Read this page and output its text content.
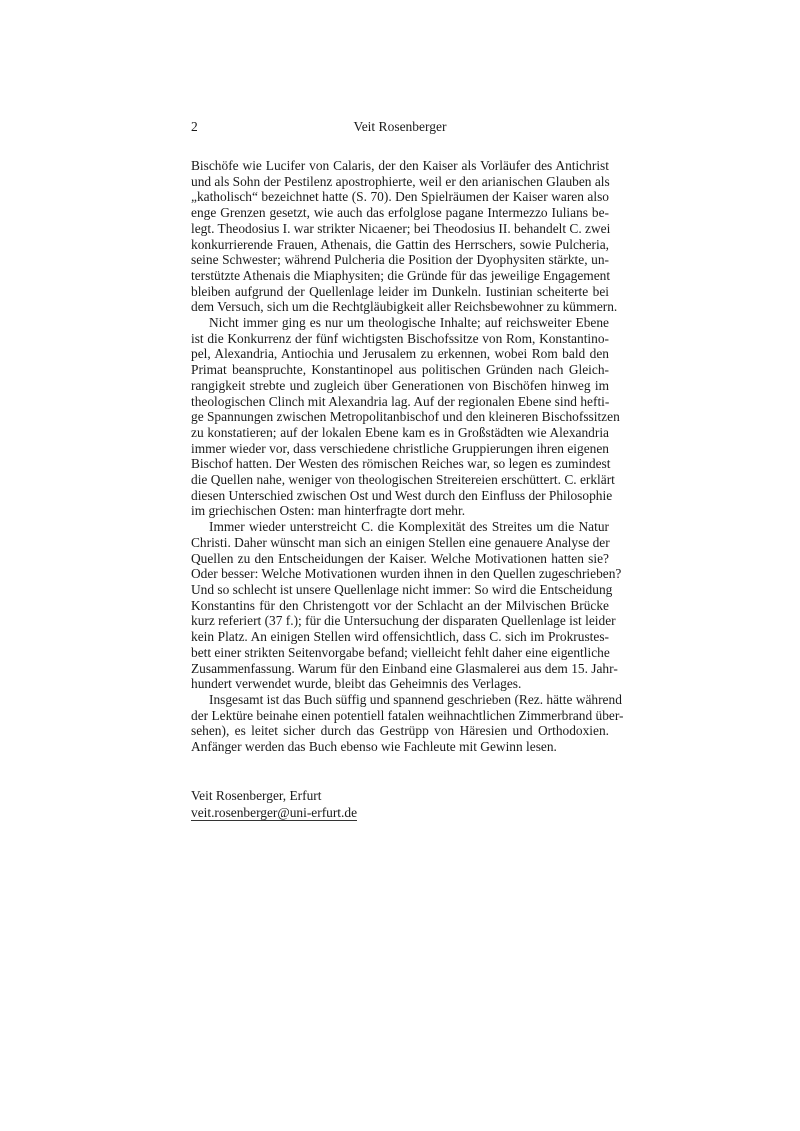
2	Veit Rosenberger
Bischöfe wie Lucifer von Calaris, der den Kaiser als Vorläufer des Antichrist
und als Sohn der Pestilenz apostrophierte, weil er den arianischen Glauben als
„katholisch“ bezeichnet hatte (S. 70). Den Spielräumen der Kaiser waren also
enge Grenzen gesetzt, wie auch das erfolglose pagane Intermezzo Iulians be-
legt. Theodosius I. war strikter Nicaener; bei Theodosius II. behandelt C. zwei
konkurrierende Frauen, Athenais, die Gattin des Herrschers, sowie Pulcheria,
seine Schwester; während Pulcheria die Position der Dyophysiten stärkte, un-
terstützte Athenais die Miaphysiten; die Gründe für das jeweilige Engagement
bleiben aufgrund der Quellenlage leider im Dunkeln. Iustinian scheiterte bei
dem Versuch, sich um die Rechtgläubigkeit aller Reichsbewohner zu kümmern.
Nicht immer ging es nur um theologische Inhalte; auf reichsweiter Ebene
ist die Konkurrenz der fünf wichtigsten Bischofssitze von Rom, Konstantino-
pel, Alexandria, Antiochia und Jerusalem zu erkennen, wobei Rom bald den
Primat beanspruchte, Konstantinopel aus politischen Gründen nach Gleich-
rangigkeit strebte und zugleich über Generationen von Bischöfen hinweg im
theologischen Clinch mit Alexandria lag. Auf der regionalen Ebene sind hefti-
ge Spannungen zwischen Metropolitanbischof und den kleineren Bischofssitzen
zu konstatieren; auf der lokalen Ebene kam es in Großstädten wie Alexandria
immer wieder vor, dass verschiedene christliche Gruppierungen ihren eigenen
Bischof hatten. Der Westen des römischen Reiches war, so legen es zumindest
die Quellen nahe, weniger von theologischen Streitereien erschüttert. C. erklärt
diesen Unterschied zwischen Ost und West durch den Einfluss der Philosophie
im griechischen Osten: man hinterfragte dort mehr.
Immer wieder unterstreicht C. die Komplexität des Streites um die Natur
Christi. Daher wünscht man sich an einigen Stellen eine genauere Analyse der
Quellen zu den Entscheidungen der Kaiser. Welche Motivationen hatten sie?
Oder besser: Welche Motivationen wurden ihnen in den Quellen zugeschrieben?
Und so schlecht ist unsere Quellenlage nicht immer: So wird die Entscheidung
Konstantins für den Christengott vor der Schlacht an der Milvischen Brücke
kurz referiert (37 f.); für die Untersuchung der disparaten Quellenlage ist leider
kein Platz. An einigen Stellen wird offensichtlich, dass C. sich im Prokrustes-
bett einer strikten Seitenvorgabe befand; vielleicht fehlt daher eine eigentliche
Zusammenfassung. Warum für den Einband eine Glasmalerei aus dem 15. Jahr-
hundert verwendet wurde, bleibt das Geheimnis des Verlages.
Insgesamt ist das Buch süffig und spannend geschrieben (Rez. hätte während
der Lektüre beinahe einen potentiell fatalen weihnachtlichen Zimmerbrand über-
sehen), es leitet sicher durch das Gestrüpp von Häresien und Orthodoxien.
Anfänger werden das Buch ebenso wie Fachleute mit Gewinn lesen.
Veit Rosenberger, Erfurt
veit.rosenberger@uni-erfurt.de
